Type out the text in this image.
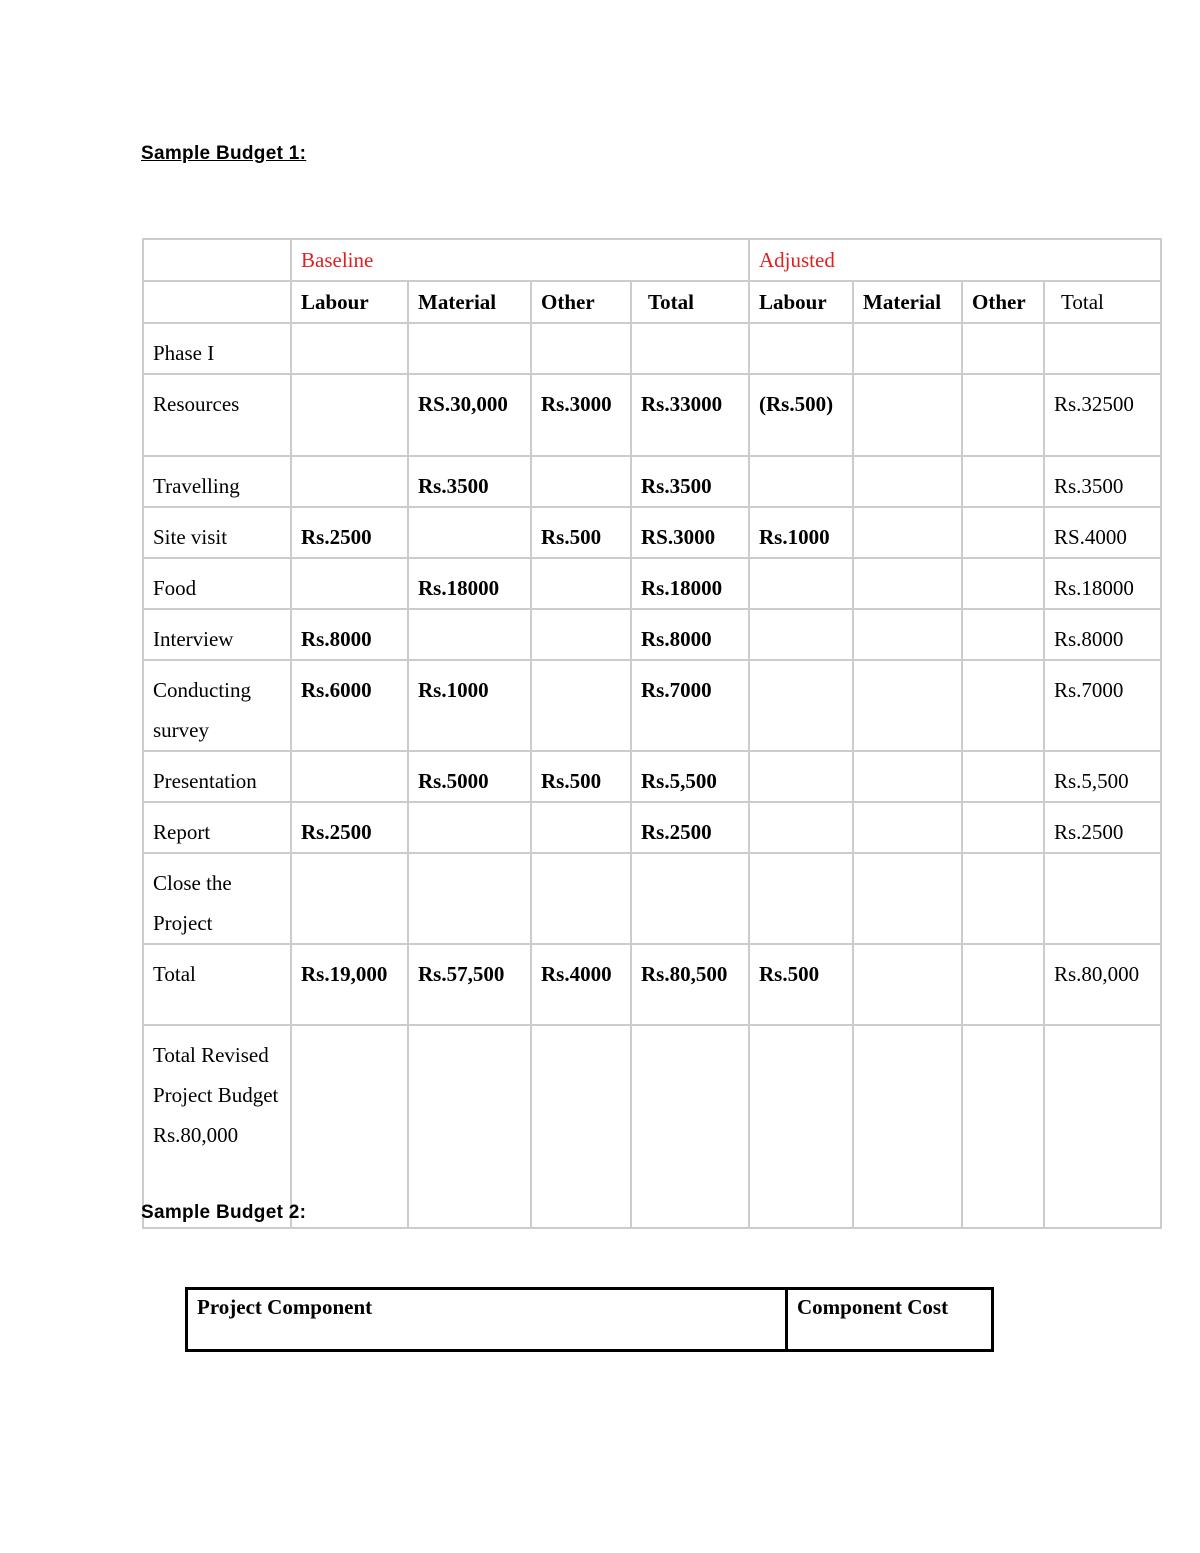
Sample Budget 1:
	Baseline				Adjusted			
	Labour	Material	Other	Total	Labour	Material	Other	Total
Phase I								
Resources		RS.30,000	Rs.3000	Rs.33000	(Rs.500)			Rs.32500
Travelling		Rs.3500		Rs.3500				Rs.3500
Site visit	Rs.2500		Rs.500	RS.3000	Rs.1000			RS.4000
Food		Rs.18000		Rs.18000				Rs.18000
Interview	Rs.8000			Rs.8000				Rs.8000
Conducting survey	Rs.6000	Rs.1000		Rs.7000				Rs.7000
Presentation		Rs.5000	Rs.500	Rs.5,500				Rs.5,500
Report	Rs.2500			Rs.2500				Rs.2500
Close the Project								
Total	Rs.19,000	Rs.57,500	Rs.4000	Rs.80,500	Rs.500			Rs.80,000
Total Revised Project Budget Rs.80,000								
Sample Budget 2:
Project Component	Component Cost
